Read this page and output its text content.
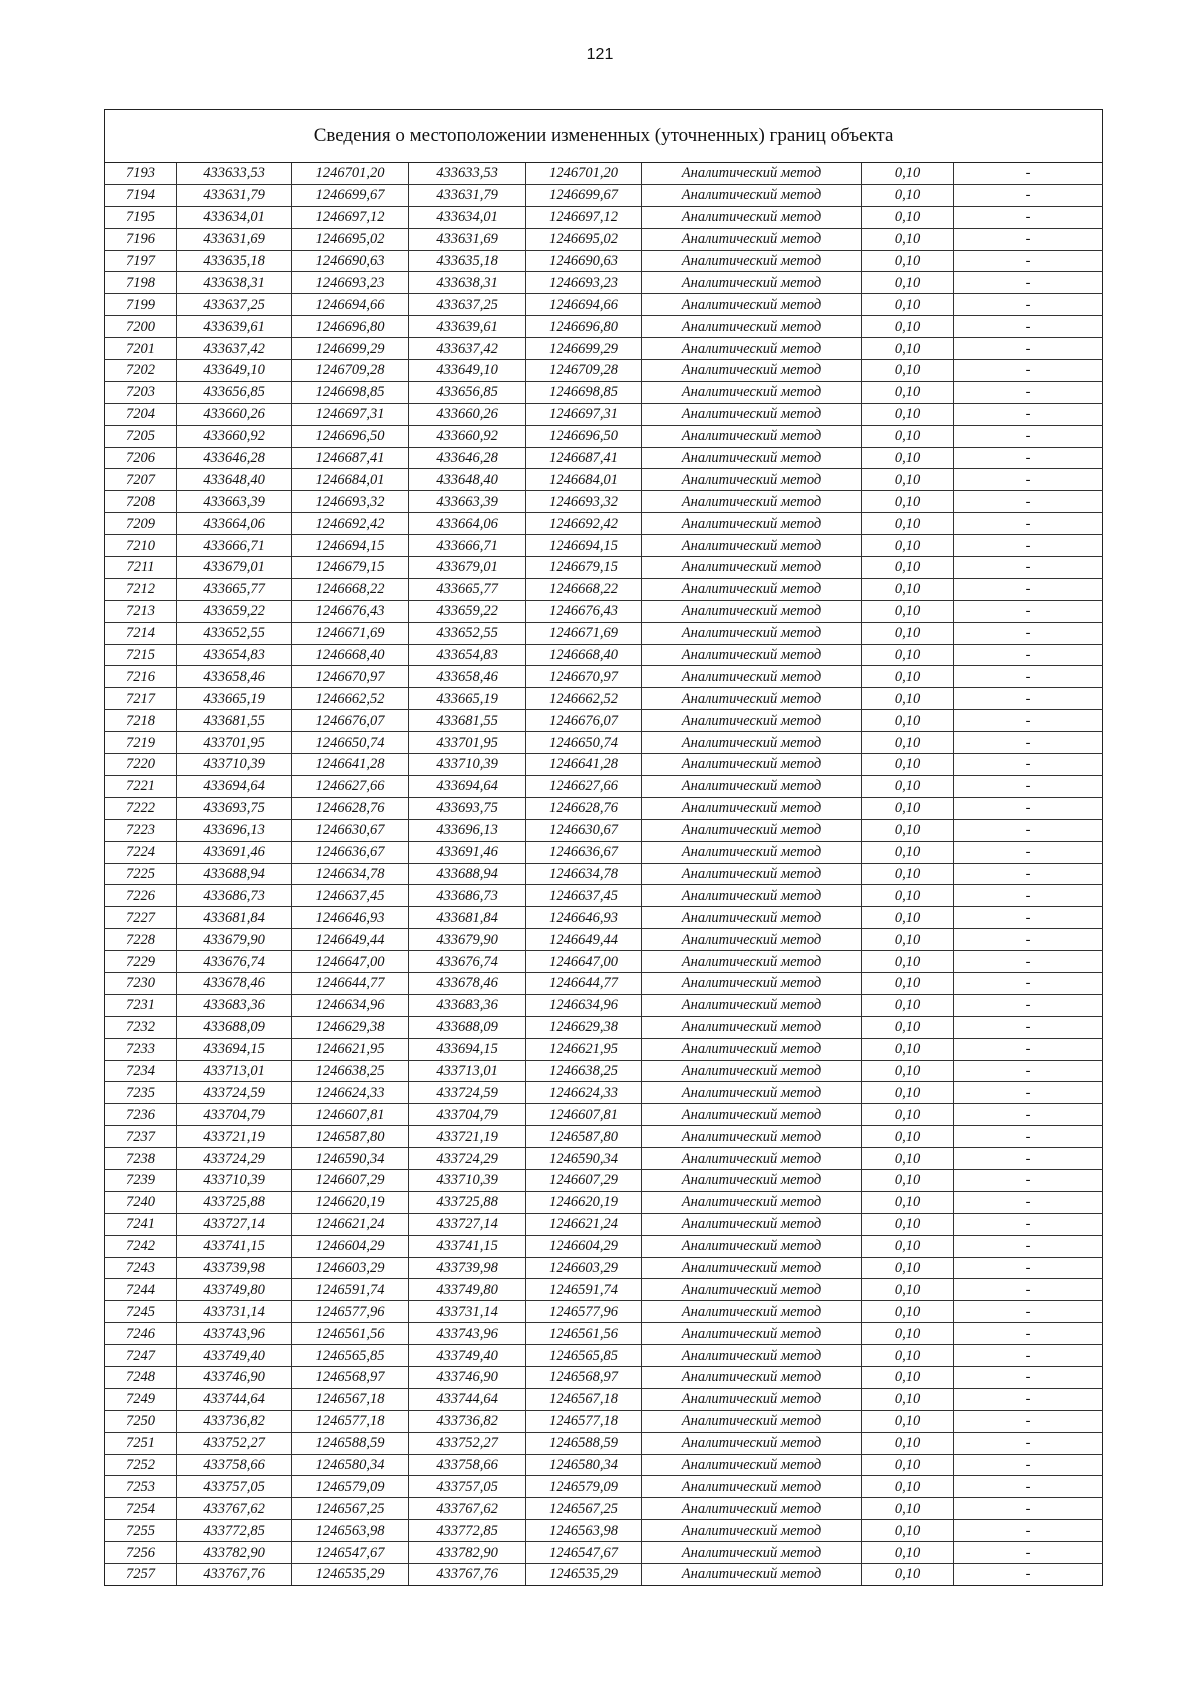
121
Сведения о местоположении измененных (уточненных) границ объекта							
7193	433633,53	1246701,20	433633,53	1246701,20	Аналитический метод	0,10	-
7194	433631,79	1246699,67	433631,79	1246699,67	Аналитический метод	0,10	-
7195	433634,01	1246697,12	433634,01	1246697,12	Аналитический метод	0,10	-
7196	433631,69	1246695,02	433631,69	1246695,02	Аналитический метод	0,10	-
7197	433635,18	1246690,63	433635,18	1246690,63	Аналитический метод	0,10	-
7198	433638,31	1246693,23	433638,31	1246693,23	Аналитический метод	0,10	-
7199	433637,25	1246694,66	433637,25	1246694,66	Аналитический метод	0,10	-
7200	433639,61	1246696,80	433639,61	1246696,80	Аналитический метод	0,10	-
7201	433637,42	1246699,29	433637,42	1246699,29	Аналитический метод	0,10	-
7202	433649,10	1246709,28	433649,10	1246709,28	Аналитический метод	0,10	-
7203	433656,85	1246698,85	433656,85	1246698,85	Аналитический метод	0,10	-
7204	433660,26	1246697,31	433660,26	1246697,31	Аналитический метод	0,10	-
7205	433660,92	1246696,50	433660,92	1246696,50	Аналитический метод	0,10	-
7206	433646,28	1246687,41	433646,28	1246687,41	Аналитический метод	0,10	-
7207	433648,40	1246684,01	433648,40	1246684,01	Аналитический метод	0,10	-
7208	433663,39	1246693,32	433663,39	1246693,32	Аналитический метод	0,10	-
7209	433664,06	1246692,42	433664,06	1246692,42	Аналитический метод	0,10	-
7210	433666,71	1246694,15	433666,71	1246694,15	Аналитический метод	0,10	-
7211	433679,01	1246679,15	433679,01	1246679,15	Аналитический метод	0,10	-
7212	433665,77	1246668,22	433665,77	1246668,22	Аналитический метод	0,10	-
7213	433659,22	1246676,43	433659,22	1246676,43	Аналитический метод	0,10	-
7214	433652,55	1246671,69	433652,55	1246671,69	Аналитический метод	0,10	-
7215	433654,83	1246668,40	433654,83	1246668,40	Аналитический метод	0,10	-
7216	433658,46	1246670,97	433658,46	1246670,97	Аналитический метод	0,10	-
7217	433665,19	1246662,52	433665,19	1246662,52	Аналитический метод	0,10	-
7218	433681,55	1246676,07	433681,55	1246676,07	Аналитический метод	0,10	-
7219	433701,95	1246650,74	433701,95	1246650,74	Аналитический метод	0,10	-
7220	433710,39	1246641,28	433710,39	1246641,28	Аналитический метод	0,10	-
7221	433694,64	1246627,66	433694,64	1246627,66	Аналитический метод	0,10	-
7222	433693,75	1246628,76	433693,75	1246628,76	Аналитический метод	0,10	-
7223	433696,13	1246630,67	433696,13	1246630,67	Аналитический метод	0,10	-
7224	433691,46	1246636,67	433691,46	1246636,67	Аналитический метод	0,10	-
7225	433688,94	1246634,78	433688,94	1246634,78	Аналитический метод	0,10	-
7226	433686,73	1246637,45	433686,73	1246637,45	Аналитический метод	0,10	-
7227	433681,84	1246646,93	433681,84	1246646,93	Аналитический метод	0,10	-
7228	433679,90	1246649,44	433679,90	1246649,44	Аналитический метод	0,10	-
7229	433676,74	1246647,00	433676,74	1246647,00	Аналитический метод	0,10	-
7230	433678,46	1246644,77	433678,46	1246644,77	Аналитический метод	0,10	-
7231	433683,36	1246634,96	433683,36	1246634,96	Аналитический метод	0,10	-
7232	433688,09	1246629,38	433688,09	1246629,38	Аналитический метод	0,10	-
7233	433694,15	1246621,95	433694,15	1246621,95	Аналитический метод	0,10	-
7234	433713,01	1246638,25	433713,01	1246638,25	Аналитический метод	0,10	-
7235	433724,59	1246624,33	433724,59	1246624,33	Аналитический метод	0,10	-
7236	433704,79	1246607,81	433704,79	1246607,81	Аналитический метод	0,10	-
7237	433721,19	1246587,80	433721,19	1246587,80	Аналитический метод	0,10	-
7238	433724,29	1246590,34	433724,29	1246590,34	Аналитический метод	0,10	-
7239	433710,39	1246607,29	433710,39	1246607,29	Аналитический метод	0,10	-
7240	433725,88	1246620,19	433725,88	1246620,19	Аналитический метод	0,10	-
7241	433727,14	1246621,24	433727,14	1246621,24	Аналитический метод	0,10	-
7242	433741,15	1246604,29	433741,15	1246604,29	Аналитический метод	0,10	-
7243	433739,98	1246603,29	433739,98	1246603,29	Аналитический метод	0,10	-
7244	433749,80	1246591,74	433749,80	1246591,74	Аналитический метод	0,10	-
7245	433731,14	1246577,96	433731,14	1246577,96	Аналитический метод	0,10	-
7246	433743,96	1246561,56	433743,96	1246561,56	Аналитический метод	0,10	-
7247	433749,40	1246565,85	433749,40	1246565,85	Аналитический метод	0,10	-
7248	433746,90	1246568,97	433746,90	1246568,97	Аналитический метод	0,10	-
7249	433744,64	1246567,18	433744,64	1246567,18	Аналитический метод	0,10	-
7250	433736,82	1246577,18	433736,82	1246577,18	Аналитический метод	0,10	-
7251	433752,27	1246588,59	433752,27	1246588,59	Аналитический метод	0,10	-
7252	433758,66	1246580,34	433758,66	1246580,34	Аналитический метод	0,10	-
7253	433757,05	1246579,09	433757,05	1246579,09	Аналитический метод	0,10	-
7254	433767,62	1246567,25	433767,62	1246567,25	Аналитический метод	0,10	-
7255	433772,85	1246563,98	433772,85	1246563,98	Аналитический метод	0,10	-
7256	433782,90	1246547,67	433782,90	1246547,67	Аналитический метод	0,10	-
7257	433767,76	1246535,29	433767,76	1246535,29	Аналитический метод	0,10	-
